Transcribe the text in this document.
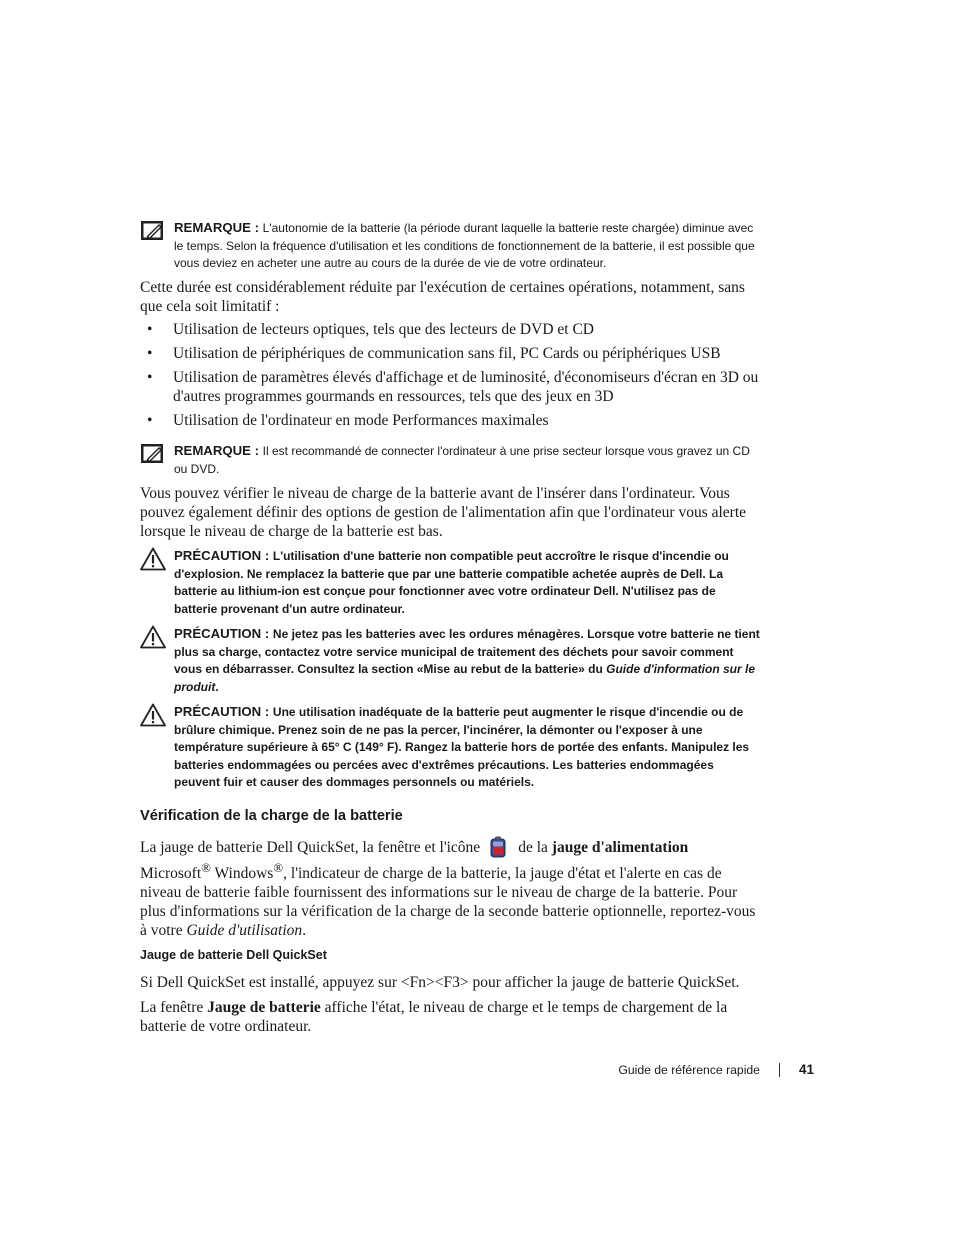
REMARQUE : L'autonomie de la batterie (la période durant laquelle la batterie reste chargée) diminue avec le temps. Selon la fréquence d'utilisation et les conditions de fonctionnement de la batterie, il est possible que vous deviez en acheter une autre au cours de la durée de vie de votre ordinateur.

Cette durée est considérablement réduite par l'exécution de certaines opérations, notamment, sans que cela soit limitatif :

• Utilisation de lecteurs optiques, tels que des lecteurs de DVD et CD
• Utilisation de périphériques de communication sans fil, PC Cards ou périphériques USB
• Utilisation de paramètres élevés d'affichage et de luminosité, d'économiseurs d'écran en 3D ou d'autres programmes gourmands en ressources, tels que des jeux en 3D
• Utilisation de l'ordinateur en mode Performances maximales
REMARQUE : Il est recommandé de connecter l'ordinateur à une prise secteur lorsque vous gravez un CD ou DVD.

Vous pouvez vérifier le niveau de charge de la batterie avant de l'insérer dans l'ordinateur. Vous pouvez également définir des options de gestion de l'alimentation afin que l'ordinateur vous alerte lorsque le niveau de charge de la batterie est bas.

PRÉCAUTION : L'utilisation d'une batterie non compatible peut accroître le risque d'incendie ou d'explosion. Ne remplacez la batterie que par une batterie compatible achetée auprès de Dell. La batterie au lithium-ion est conçue pour fonctionner avec votre ordinateur Dell. N'utilisez pas de batterie provenant d'un autre ordinateur.
PRÉCAUTION : Ne jetez pas les batteries avec les ordures ménagères. Lorsque votre batterie ne tient plus sa charge, contactez votre service municipal de traitement des déchets pour savoir comment vous en débarrasser. Consultez la section «Mise au rebut de la batterie» du Guide d'information sur le produit.
PRÉCAUTION : Une utilisation inadéquate de la batterie peut augmenter le risque d'incendie ou de brûlure chimique. Prenez soin de ne pas la percer, l'incinérer, la démonter ou l'exposer à une température supérieure à 65° C (149° F). Rangez la batterie hors de portée des enfants. Manipulez les batteries endommagées ou percées avec d'extrêmes précautions. Les batteries endommagées peuvent fuir et causer des dommages personnels ou matériels.
Vérification de la charge de la batterie

La jauge de batterie Dell QuickSet, la fenêtre et l'icône de la jauge d'alimentation Microsoft® Windows®, l'indicateur de charge de la batterie, la jauge d'état et l'alerte en cas de niveau de batterie faible fournissent des informations sur le niveau de charge de la batterie. Pour plus d'informations sur la vérification de la charge de la seconde batterie optionnelle, reportez-vous à votre Guide d'utilisation.

Jauge de batterie Dell QuickSet

Si Dell QuickSet est installé, appuyez sur <Fn><F3> pour afficher la jauge de batterie QuickSet.

La fenêtre Jauge de batterie affiche l'état, le niveau de charge et le temps de chargement de la batterie de votre ordinateur.

Guide de référence rapide	41
